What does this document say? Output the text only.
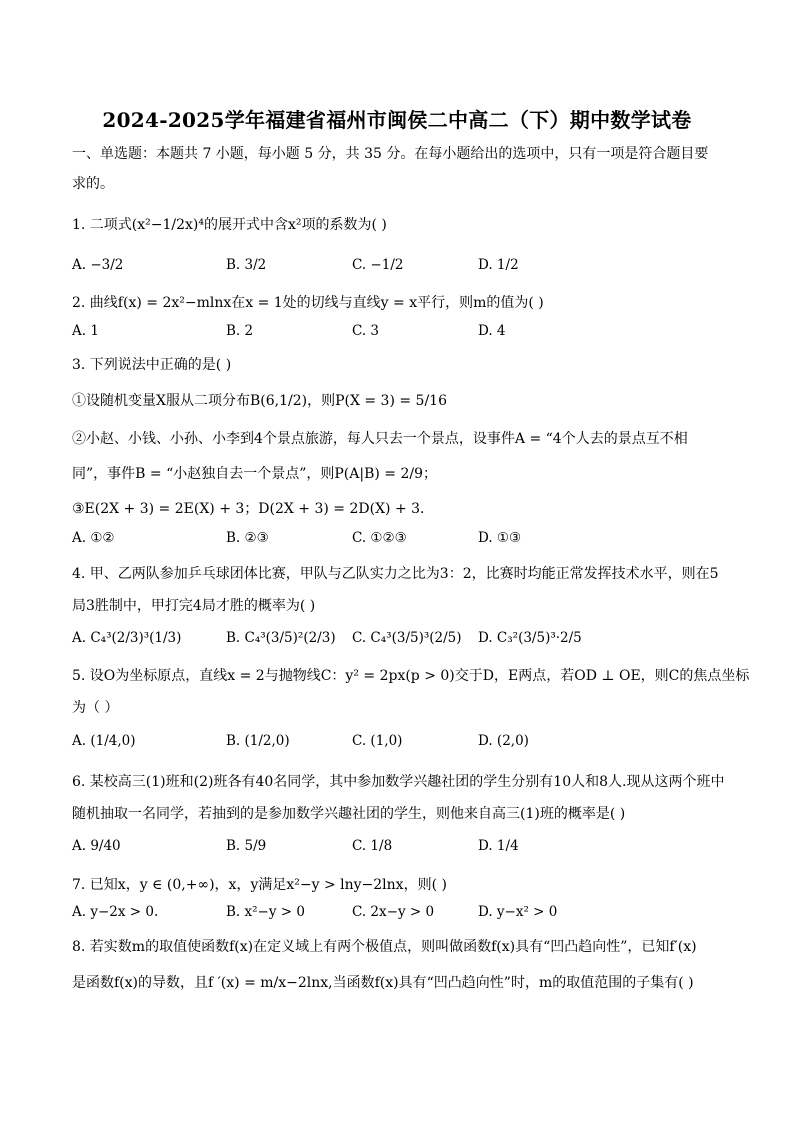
2024-2025学年福建省福州市闽侯二中高二（下）期中数学试卷
一、单选题：本题共 7 小题，每小题 5 分，共 35 分。在每小题给出的选项中，只有一项是符合题目要求的。
1. 二项式(x²−1/2x)⁴的展开式中含x²项的系数为( )
A. −3/2	B. 3/2	C. −1/2	D. 1/2
2. 曲线f(x) = 2x²−mlnx在x = 1处的切线与直线y = x平行，则m的值为( )
A. 1	B. 2	C. 3	D. 4
3. 下列说法中正确的是( )
①设随机变量X服从二项分布B(6,1/2)，则P(X = 3) = 5/16
②小赵、小钱、小孙、小李到4个景点旅游，每人只去一个景点，设事件A = “4个人去的景点互不相
同”，事件B = “小赵独自去一个景点”，则P(A|B) = 2/9；
③E(2X + 3) = 2E(X) + 3；D(2X + 3) = 2D(X) + 3．
A. ①②	B. ②③	C. ①②③	D. ①③
4. 甲、乙两队参加乒乓球团体比赛，甲队与乙队实力之比为3：2，比赛时均能正常发挥技术水平，则在5
局3胜制中，甲打完4局才胜的概率为( )
A. C₄³(2/3)³(1/3)	B. C₄³(3/5)²(2/3) C. C₄³(3/5)³(2/5) D. C₃²(3/5)³·2/5
5. 设O为坐标原点，直线x = 2与抛物线C：y² = 2px(p > 0)交于D，E两点，若OD ⊥ OE，则C的焦点坐标
为（ ）
A. (1/4,0)	B. (1/2,0)	C. (1,0)	D. (2,0)
6. 某校高三(1)班和(2)班各有40名同学，其中参加数学兴趣社团的学生分别有10人和8人.现从这两个班中
随机抽取一名同学，若抽到的是参加数学兴趣社团的学生，则他来自高三(1)班的概率是( )
A. 9/40	B. 5/9	C. 1/8	D. 1/4
7. 已知x，y ∈ (0,+∞)，x，y满足x²−y > lny−2lnx，则( )
A. y−2x > 0.	B. x²−y > 0	C. 2x−y > 0	D. y−x² > 0
8. 若实数m的取值使函数f(x)在定义域上有两个极值点，则叫做函数f(x)具有“凹凸趋向性”，已知f′(x)
是函数f(x)的导数，且f ′(x) = m/x−2lnx,当函数f(x)具有“凹凸趋向性”时，m的取值范围的子集有( )
